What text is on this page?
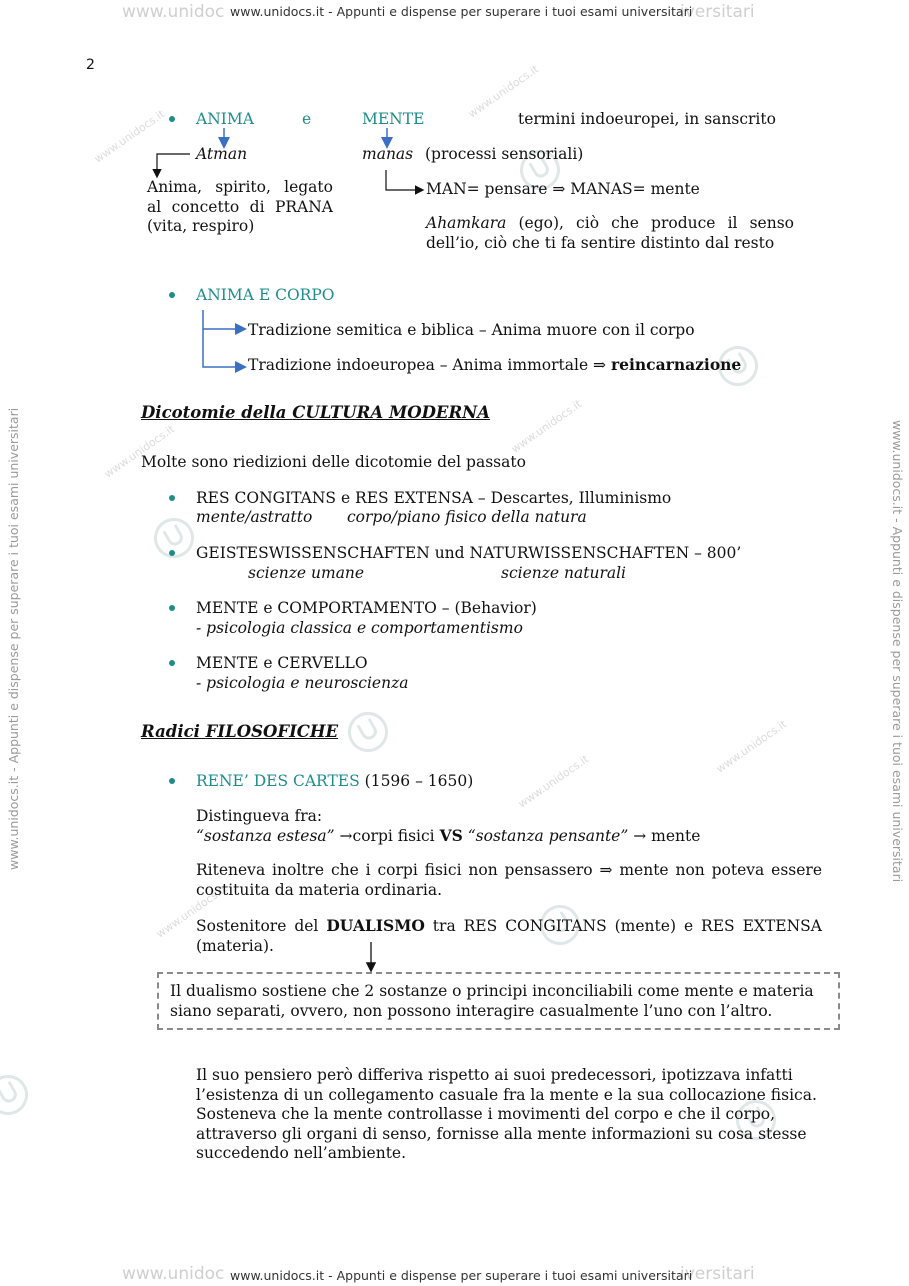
www.unidoc	iversitari
www.unidocs.it - Appunti e dispense per superare i tuoi esami universitari
www.unidoc	iversitari
www.unidocs.it - Appunti e dispense per superare i tuoi esami universitari
www.unidocs.it - Appunti e dispense per superare i tuoi esami universitari	www.unidocs.it - Appunti e dispense per superare i tuoi esami universitari
www.unidocs.it
www.unidocs.it
www.unidocs.it	www.unidocs.it
www.unidocs.it
www.unidocs.it
www.unidocs.it
2
ANIMA	e	MENTE	termini indoeuropei, in sanscrito
Atman	manas (processi sensoriali)
Anima, spirito, legato al concetto di PRANA (vita, respiro)
MAN= pensare ⇒ MANAS= mente
Ahamkara (ego), ciò che produce il senso dell’io, ciò che ti fa sentire distinto dal resto
ANIMA E CORPO
Tradizione semitica e biblica – Anima muore con il corpo
Tradizione indoeuropea – Anima immortale ⇒ reincarnazione
Dicotomie della CULTURA MODERNA
Molte sono riedizioni delle dicotomie del passato
RES CONGITANS e RES EXTENSA – Descartes, Illuminismo
mente/astratto corpo/piano fisico della natura
GEISTESWISSENSCHAFTEN und NATURWISSENSCHAFTEN – 800’
scienze umane	scienze naturali
MENTE e COMPORTAMENTO – (Behavior)
- psicologia classica e comportamentismo
MENTE e CERVELLO
- psicologia e neuroscienza
Radici FILOSOFICHE
RENE’ DES CARTES (1596 – 1650)
Distingueva fra:
“sostanza estesa” →corpi fisici VS “sostanza pensante” → mente
Riteneva inoltre che i corpi fisici non pensassero ⇒ mente non poteva essere costituita da materia ordinaria.
Sostenitore del DUALISMO tra RES CONGITANS (mente) e RES EXTENSA (materia).
Il dualismo sostiene che 2 sostanze o principi inconciliabili come mente e materia siano separati, ovvero, non possono interagire casualmente l’uno con l’altro.
Il suo pensiero però differiva rispetto ai suoi predecessori, ipotizzava infatti l’esistenza di un collegamento casuale fra la mente e la sua collocazione fisica. Sosteneva che la mente controllasse i movimenti del corpo e che il corpo, attraverso gli organi di senso, fornisse alla mente informazioni su cosa stesse succedendo nell’ambiente.
